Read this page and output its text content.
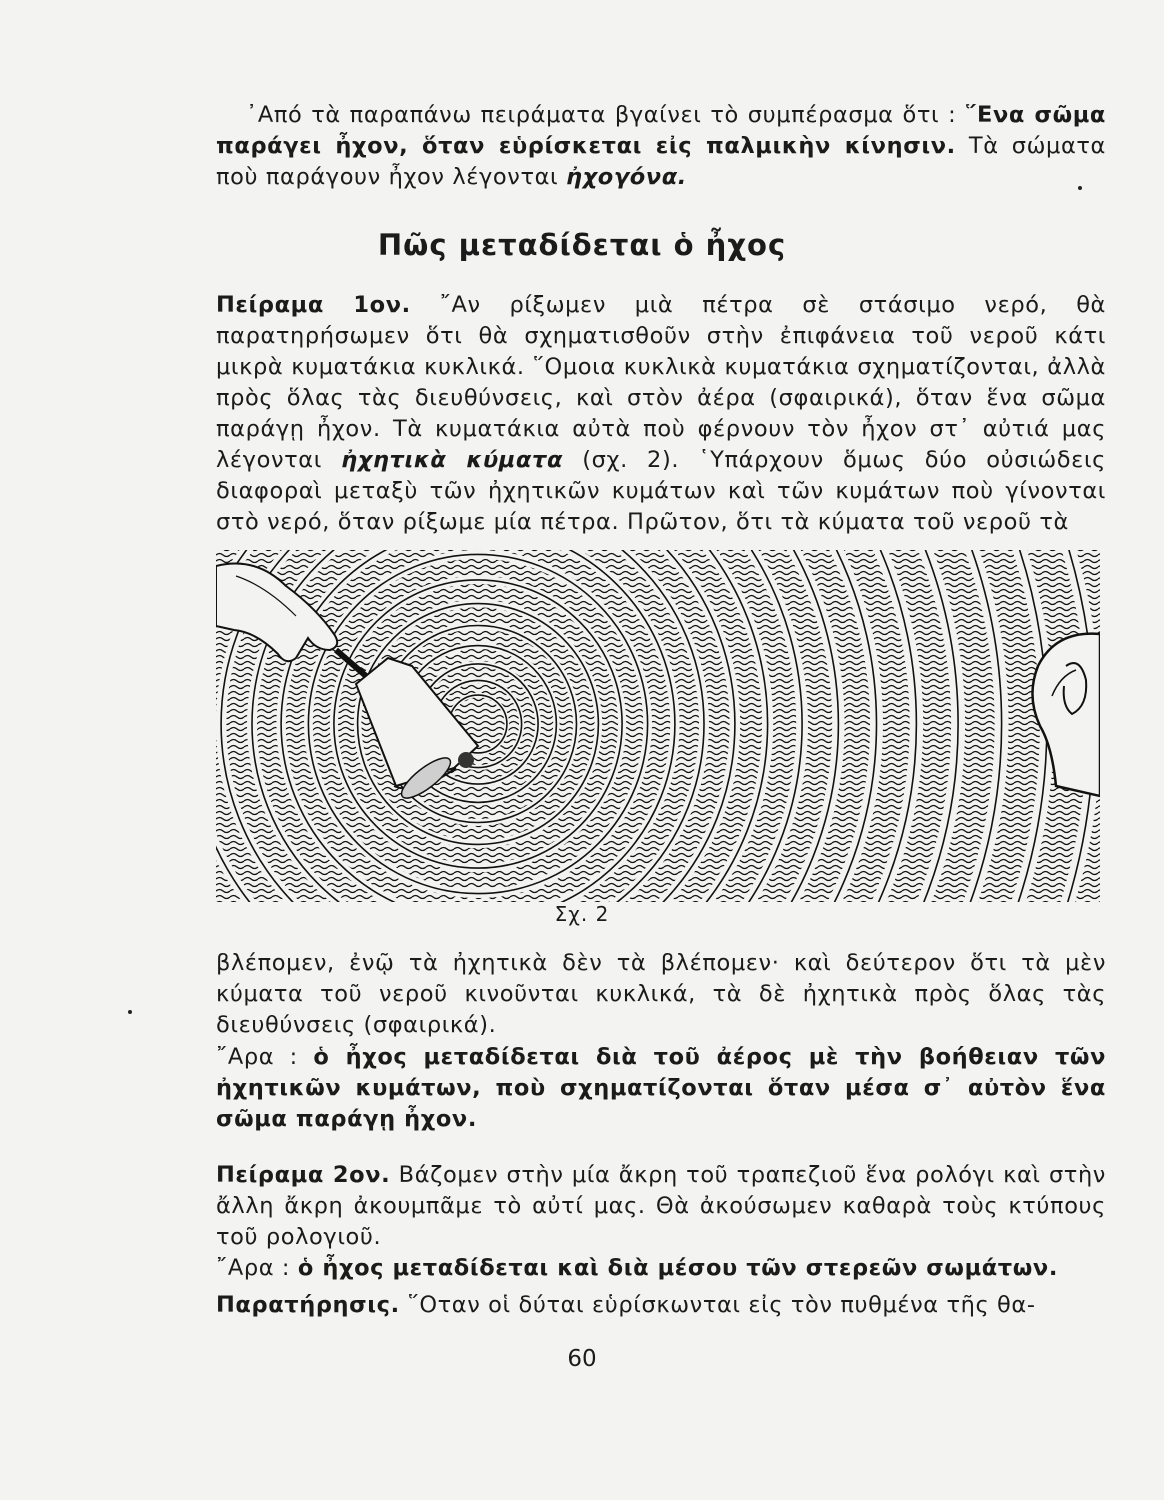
᾽Από τὰ παραπάνω πειράματα βγαίνει τὸ συμπέρασμα ὅτι : ῞Ενα σῶμα παράγει ἦχον, ὅταν εὑρίσκεται εἰς παλμικὴν κίνησιν. Τὰ σώματα ποὺ παράγουν ἦχον λέγονται ἠχογόνα.

Πῶς μεταδίδεται ὁ ἦχος

Πείραμα 1ον. ῎Αν ρίξωμεν μιὰ πέτρα σὲ στάσιμο νερό, θὰ παρατηρήσωμεν ὅτι θὰ σχηματισθοῦν στὴν ἐπιφάνεια τοῦ νεροῦ κάτι μικρὰ κυματάκια κυκλικά. ῞Ομοια κυκλικὰ κυματάκια σχηματίζονται, ἀλλὰ πρὸς ὅλας τὰς διευθύνσεις, καὶ στὸν ἀέρα (σφαιρικά), ὅταν ἕνα σῶμα παράγῃ ἦχον. Τὰ κυματάκια αὐτὰ ποὺ φέρνουν τὸν ἦχον στ᾽ αὐτιά μας λέγονται ἠχητικὰ κύματα (σχ. 2). ῾Υπάρχουν ὅμως δύο οὐσιώδεις διαφοραὶ μεταξὺ τῶν ἠχητικῶν κυμάτων καὶ τῶν κυμάτων ποὺ γίνονται στὸ νερό, ὅταν ρίξωμε μία πέτρα. Πρῶτον, ὅτι τὰ κύματα τοῦ νεροῦ τὰ

Σχ. 2

βλέπομεν, ἐνῷ τὰ ἠχητικὰ δὲν τὰ βλέπομεν· καὶ δεύτερον ὅτι τὰ μὲν κύματα τοῦ νεροῦ κινοῦνται κυκλικά, τὰ δὲ ἠχητικὰ πρὸς ὅλας τὰς διευθύνσεις (σφαιρικά).

῎Αρα : ὁ ἦχος μεταδίδεται διὰ τοῦ ἀέρος μὲ τὴν βοήθειαν τῶν ἠχητικῶν κυμάτων, ποὺ σχηματίζονται ὅταν μέσα σ᾽ αὐτὸν ἕνα σῶμα παράγῃ ἦχον.

Πείραμα 2ον. Βάζομεν στὴν μία ἄκρη τοῦ τραπεζιοῦ ἕνα ρολόγι καὶ στὴν ἄλλη ἄκρη ἀκουμπᾶμε τὸ αὐτί μας. Θὰ ἀκούσωμεν καθαρὰ τοὺς κτύπους τοῦ ρολογιοῦ.

῎Αρα : ὁ ἦχος μεταδίδεται καὶ διὰ μέσου τῶν στερεῶν σωμάτων.

Παρατήρησις. ῞Οταν οἱ δύται εὑρίσκωνται εἰς τὸν πυθμένα τῆς θα-

60
